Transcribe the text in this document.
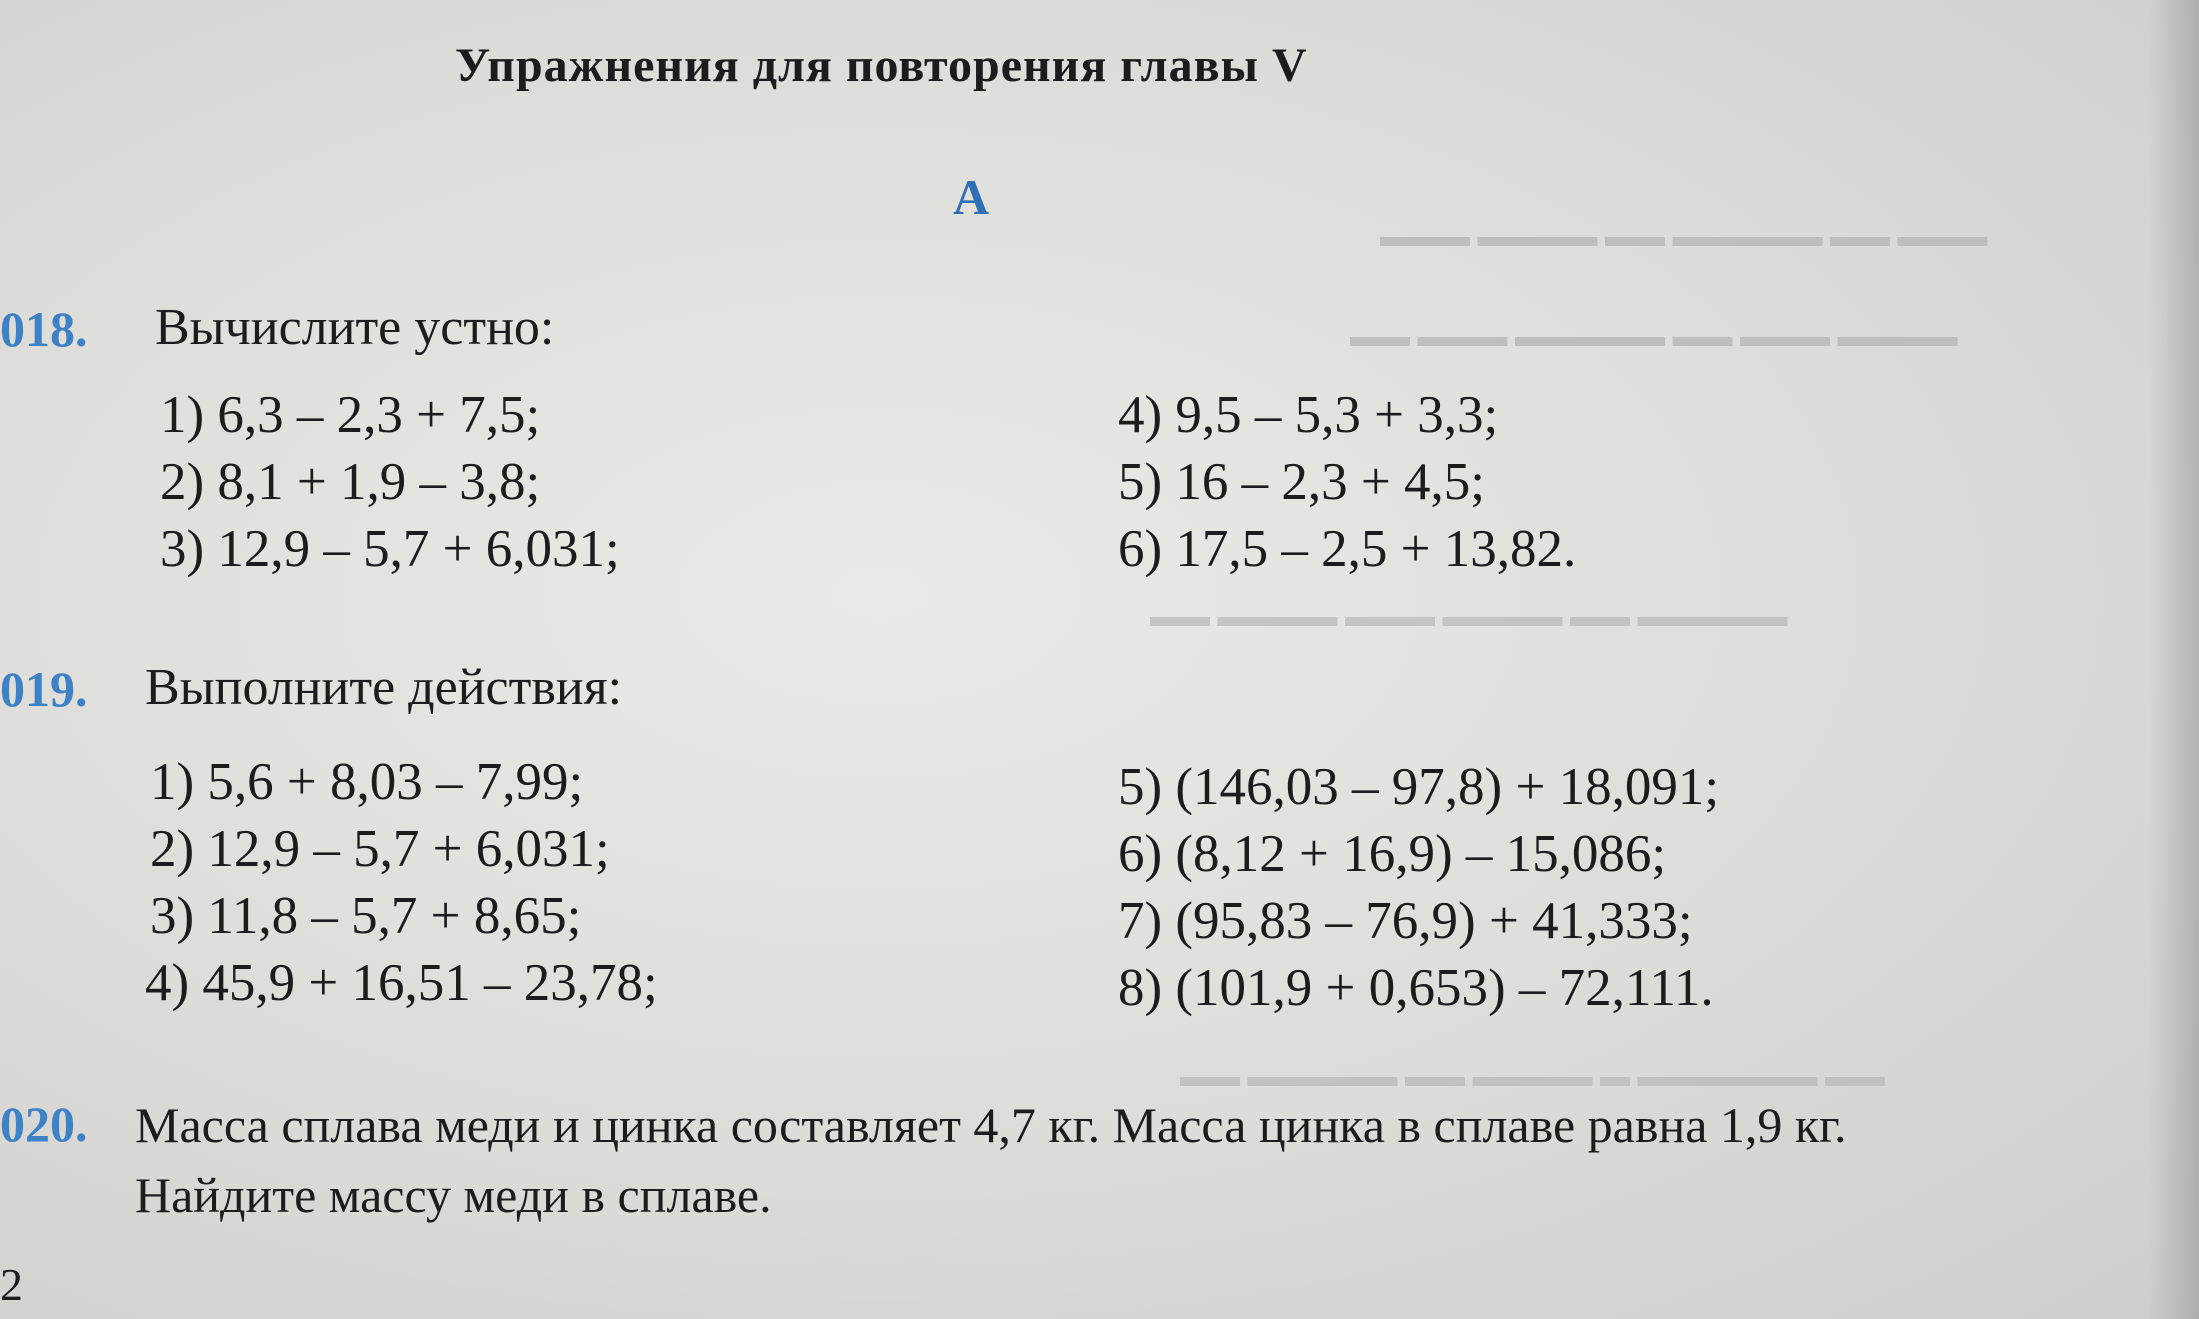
▬▬▬ ▬▬ ▬▬▬▬▬ ▬▬ ▬▬▬▬ ▬▬▬
▬▬▬▬ ▬▬▬ ▬▬ ▬▬▬▬▬ ▬▬▬ ▬▬
▬▬▬▬▬ ▬▬ ▬▬▬▬ ▬▬▬ ▬▬▬▬ ▬▬
▬▬ ▬▬▬▬▬▬ ▬ ▬▬▬▬ ▬▬ ▬▬▬▬▬ ▬▬
Упражнения для повторения главы V
А
018. Вычислите устно:
1) 6,3 – 2,3 + 7,5;
2) 8,1 + 1,9 – 3,8;
3) 12,9 – 5,7 + 6,031;
4) 9,5 – 5,3 + 3,3;
5) 16 – 2,3 + 4,5;
6) 17,5 – 2,5 + 13,82.
019. Выполните действия:
1) 5,6 + 8,03 – 7,99;
2) 12,9 – 5,7 + 6,031;
3) 11,8 – 5,7 + 8,65;
4) 45,9 + 16,51 – 23,78;
5) (146,03 – 97,8) + 18,091;
6) (8,12 + 16,9) – 15,086;
7) (95,83 – 76,9) + 41,333;
8) (101,9 + 0,653) – 72,111.
020. Масса сплава меди и цинка составляет 4,7 кг. Масса цинка в сплаве равна 1,9 кг. Найдите массу меди в сплаве.
2
